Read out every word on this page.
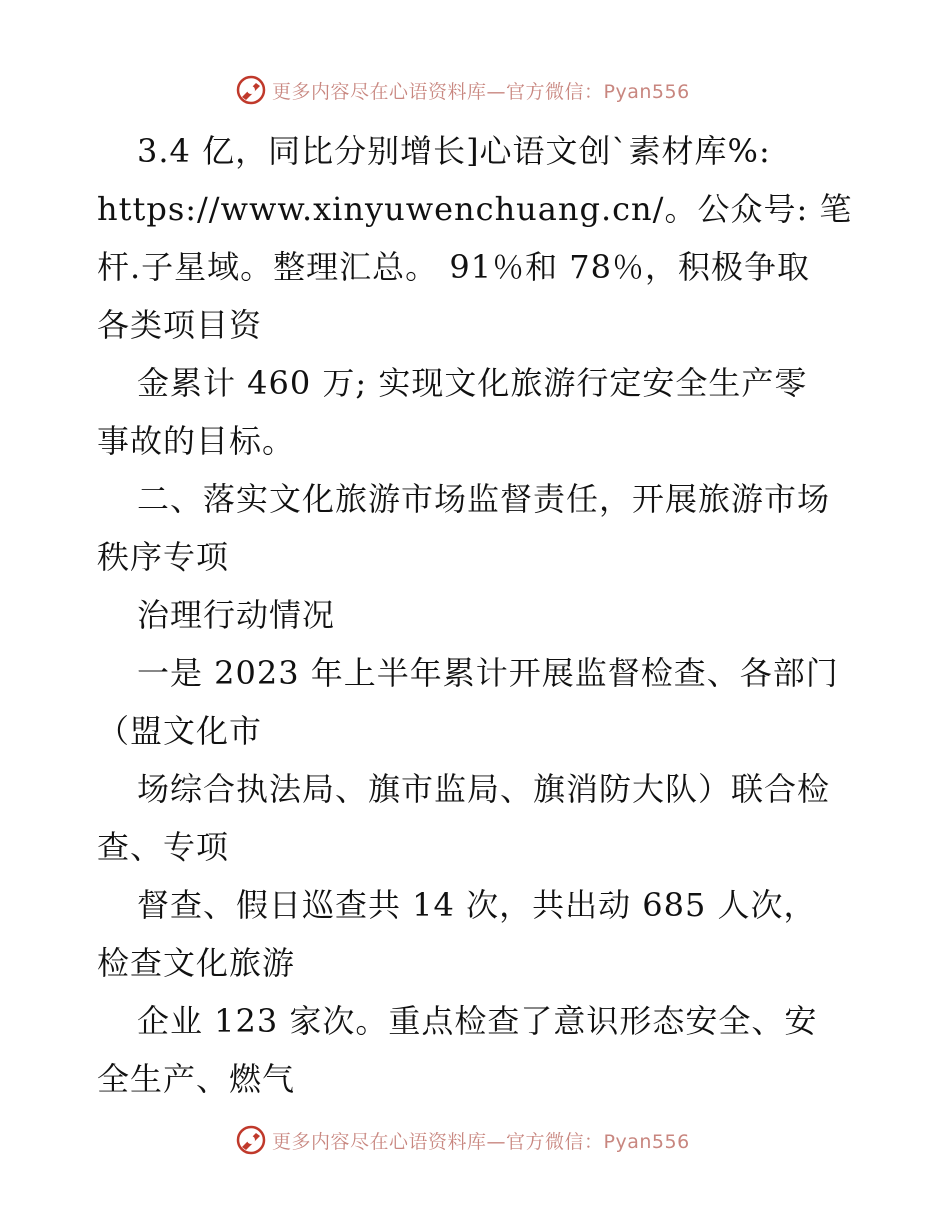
更多内容尽在心语资料库—官方微信：Pyan556
3.4 亿，同比分别增长]心语文创`素材库%:
https://www.xinyuwenchuang.cn/。公众号: 笔
杆.子星域。整理汇总。 91％和 78％，积极争取
各类项目资
金累计 460 万; 实现文化旅游行定安全生产零
事故的目标。
二、落实文化旅游市场监督责任，开展旅游市场
秩序专项
治理行动情况
一是 2023 年上半年累计开展监督检查、各部门
（盟文化市
场综合执法局、旗市监局、旗消防大队）联合检
查、专项
督查、假日巡查共 14 次，共出动 685 人次，
检查文化旅游
企业 123 家次。重点检查了意识形态安全、安
全生产、燃气
更多内容尽在心语资料库—官方微信：Pyan556
